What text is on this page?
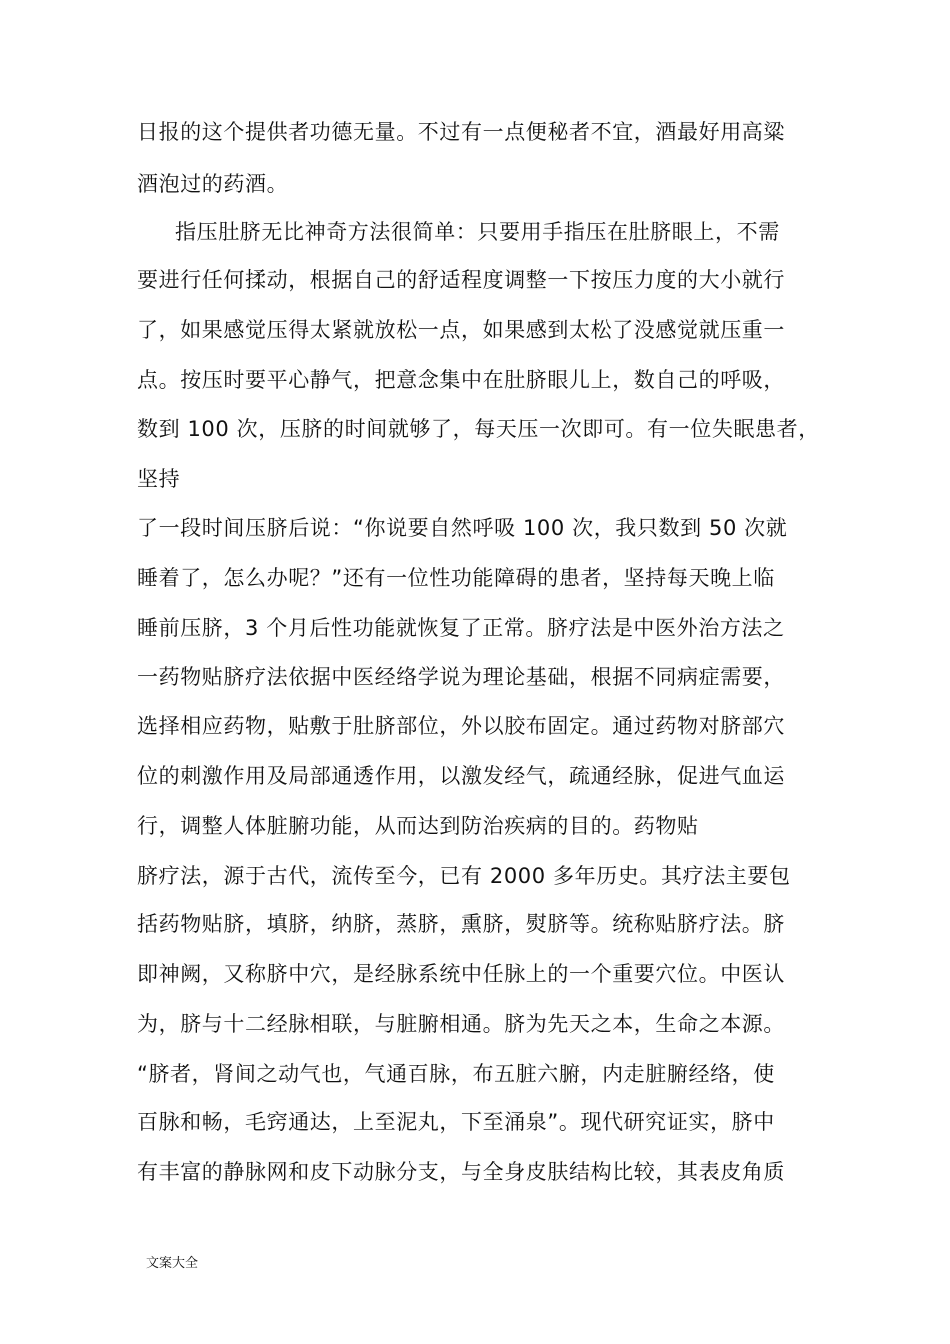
日报的这个提供者功德无量。不过有一点便秘者不宜，酒最好用高粱
酒泡过的药酒。
指压肚脐无比神奇方法很简单：只要用手指压在肚脐眼上，不需
要进行任何揉动，根据自己的舒适程度调整一下按压力度的大小就行
了，如果感觉压得太紧就放松一点，如果感到太松了没感觉就压重一
点。按压时要平心静气，把意念集中在肚脐眼儿上，数自己的呼吸，
数到 100 次，压脐的时间就够了，每天压一次即可。有一位失眠患者，
坚持
了一段时间压脐后说：“你说要自然呼吸 100 次，我只数到 50 次就
睡着了，怎么办呢？”还有一位性功能障碍的患者，坚持每天晚上临
睡前压脐，3 个月后性功能就恢复了正常。脐疗法是中医外治方法之
一药物贴脐疗法依据中医经络学说为理论基础，根据不同病症需要，
选择相应药物，贴敷于肚脐部位，外以胶布固定。通过药物对脐部穴
位的刺激作用及局部通透作用，以激发经气，疏通经脉，促进气血运
行，调整人体脏腑功能，从而达到防治疾病的目的。药物贴
脐疗法，源于古代，流传至今，已有 2000 多年历史。其疗法主要包
括药物贴脐，填脐，纳脐，蒸脐，熏脐，熨脐等。统称贴脐疗法。脐
即神阙，又称脐中穴，是经脉系统中任脉上的一个重要穴位。中医认
为，脐与十二经脉相联，与脏腑相通。脐为先天之本，生命之本源。
“脐者，肾间之动气也，气通百脉，布五脏六腑，内走脏腑经络，使
百脉和畅，毛窍通达，上至泥丸，下至涌泉”。现代研究证实，脐中
有丰富的静脉网和皮下动脉分支，与全身皮肤结构比较，其表皮角质
文案大全
